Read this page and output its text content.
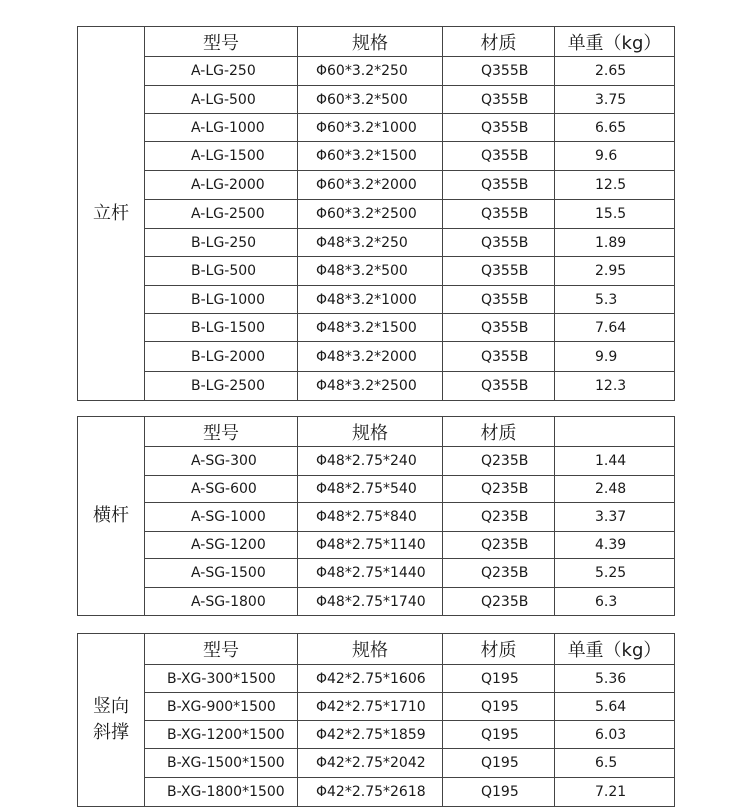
立杆	型号	规格	材质	单重（kg）
	A-LG-250	Φ60*3.2*250	Q355B	2.65
	A-LG-500	Φ60*3.2*500	Q355B	3.75
	A-LG-1000	Φ60*3.2*1000	Q355B	6.65
	A-LG-1500	Φ60*3.2*1500	Q355B	9.6
	A-LG-2000	Φ60*3.2*2000	Q355B	12.5
	A-LG-2500	Φ60*3.2*2500	Q355B	15.5
	B-LG-250	Φ48*3.2*250	Q355B	1.89
	B-LG-500	Φ48*3.2*500	Q355B	2.95
	B-LG-1000	Φ48*3.2*1000	Q355B	5.3
	B-LG-1500	Φ48*3.2*1500	Q355B	7.64
	B-LG-2000	Φ48*3.2*2000	Q355B	9.9
	B-LG-2500	Φ48*3.2*2500	Q355B	12.3
横杆	型号	规格	材质	
	A-SG-300	Φ48*2.75*240	Q235B	1.44
	A-SG-600	Φ48*2.75*540	Q235B	2.48
	A-SG-1000	Φ48*2.75*840	Q235B	3.37
	A-SG-1200	Φ48*2.75*1140	Q235B	4.39
	A-SG-1500	Φ48*2.75*1440	Q235B	5.25
	A-SG-1800	Φ48*2.75*1740	Q235B	6.3
竖向
斜撑	型号	规格	材质	单重（kg）
	B-XG-300*1500	Φ42*2.75*1606	Q195	5.36
	B-XG-900*1500	Φ42*2.75*1710	Q195	5.64
	B-XG-1200*1500	Φ42*2.75*1859	Q195	6.03
	B-XG-1500*1500	Φ42*2.75*2042	Q195	6.5
	B-XG-1800*1500	Φ42*2.75*2618	Q195	7.21
